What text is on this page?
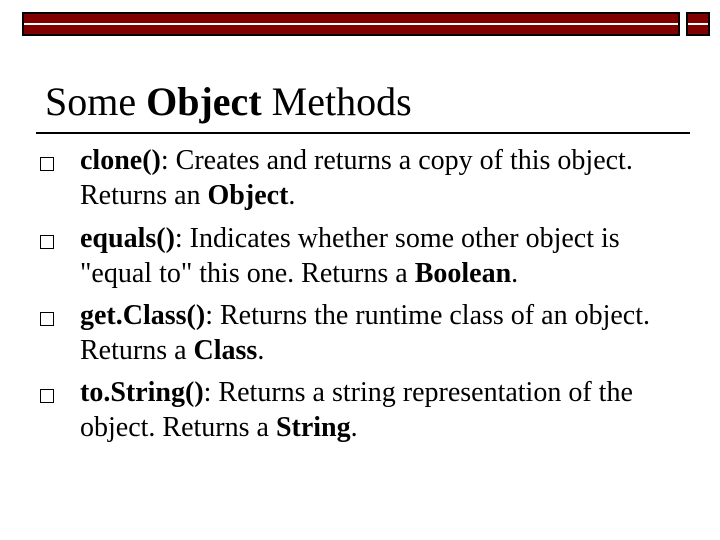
Some Object Methods
clone(): Creates and returns a copy of this object. Returns an Object.
equals(): Indicates whether some other object is "equal to" this one. Returns a Boolean.
get.Class(): Returns the runtime class of an object. Returns a Class.
to.String(): Returns a string representation of the object. Returns a String.
